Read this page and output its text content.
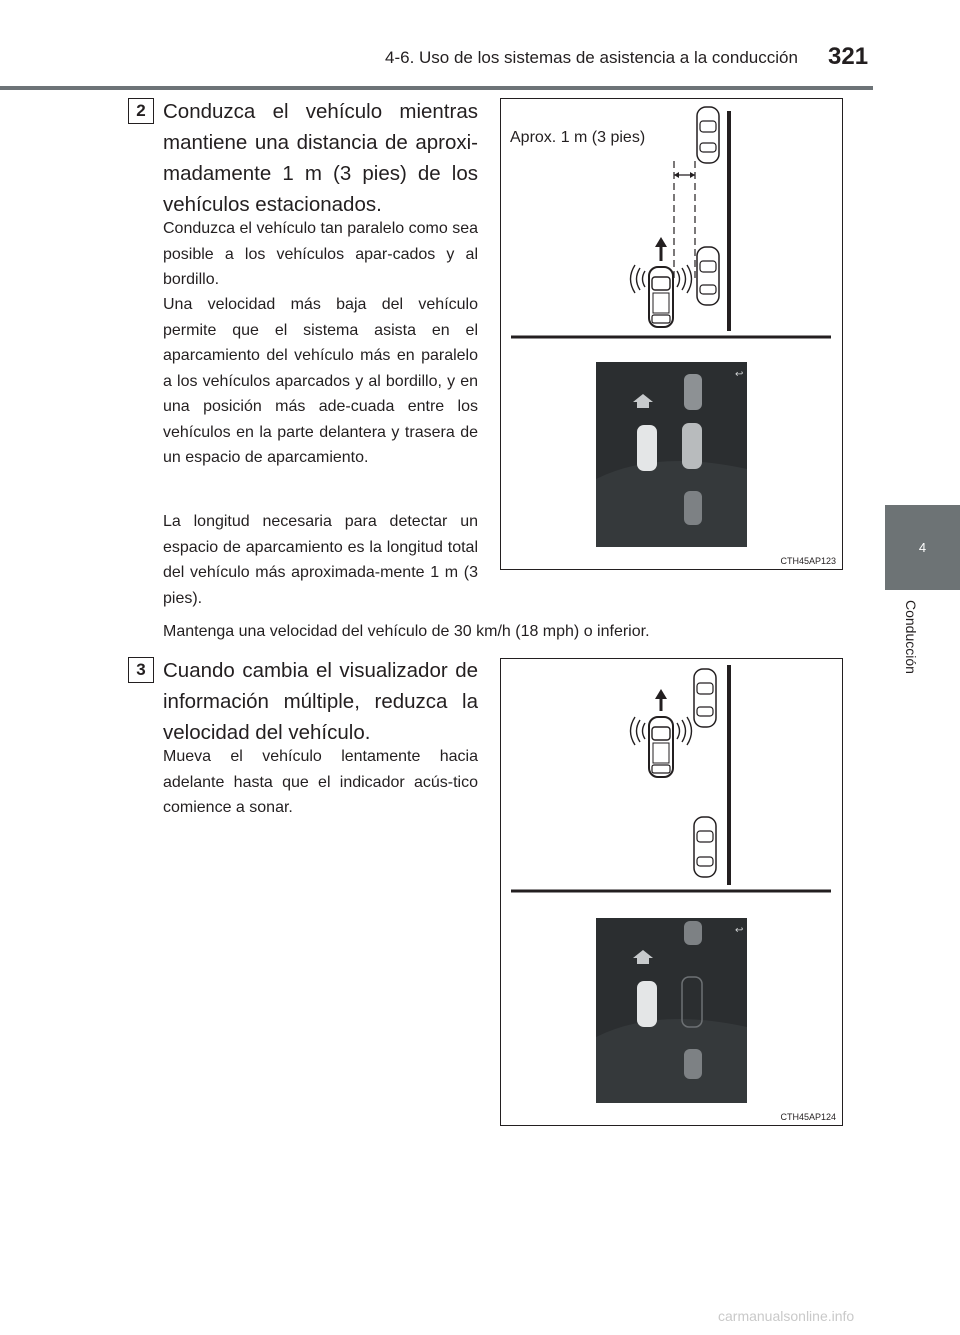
4-6. Uso de los sistemas de asistencia a la conducción 321
4
Conducción
2 Conduzca el vehículo mientras mantiene una distancia de aproxi-madamente 1 m (3 pies) de los vehículos estacionados.
Conduzca el vehículo tan paralelo como sea posible a los vehículos apar-cados y al bordillo.
Una velocidad más baja del vehículo permite que el sistema asista en el aparcamiento del vehículo más en paralelo a los vehículos aparcados y al bordillo, y en una posición más ade-cuada entre los vehículos en la parte delantera y trasera de un espacio de aparcamiento.
La longitud necesaria para detectar un espacio de aparcamiento es la longitud total del vehículo más aproximada-mente 1 m (3 pies).
Mantenga una velocidad del vehículo de 30 km/h (18 mph) o inferior.
↩
Aprox. 1 m (3 pies)
CTH45AP123
3 Cuando cambia el visualizador de información múltiple, reduzca la velocidad del vehículo.
Mueva el vehículo lentamente hacia adelante hasta que el indicador acús-tico comience a sonar.
↩
CTH45AP124
carmanualsonline.info
